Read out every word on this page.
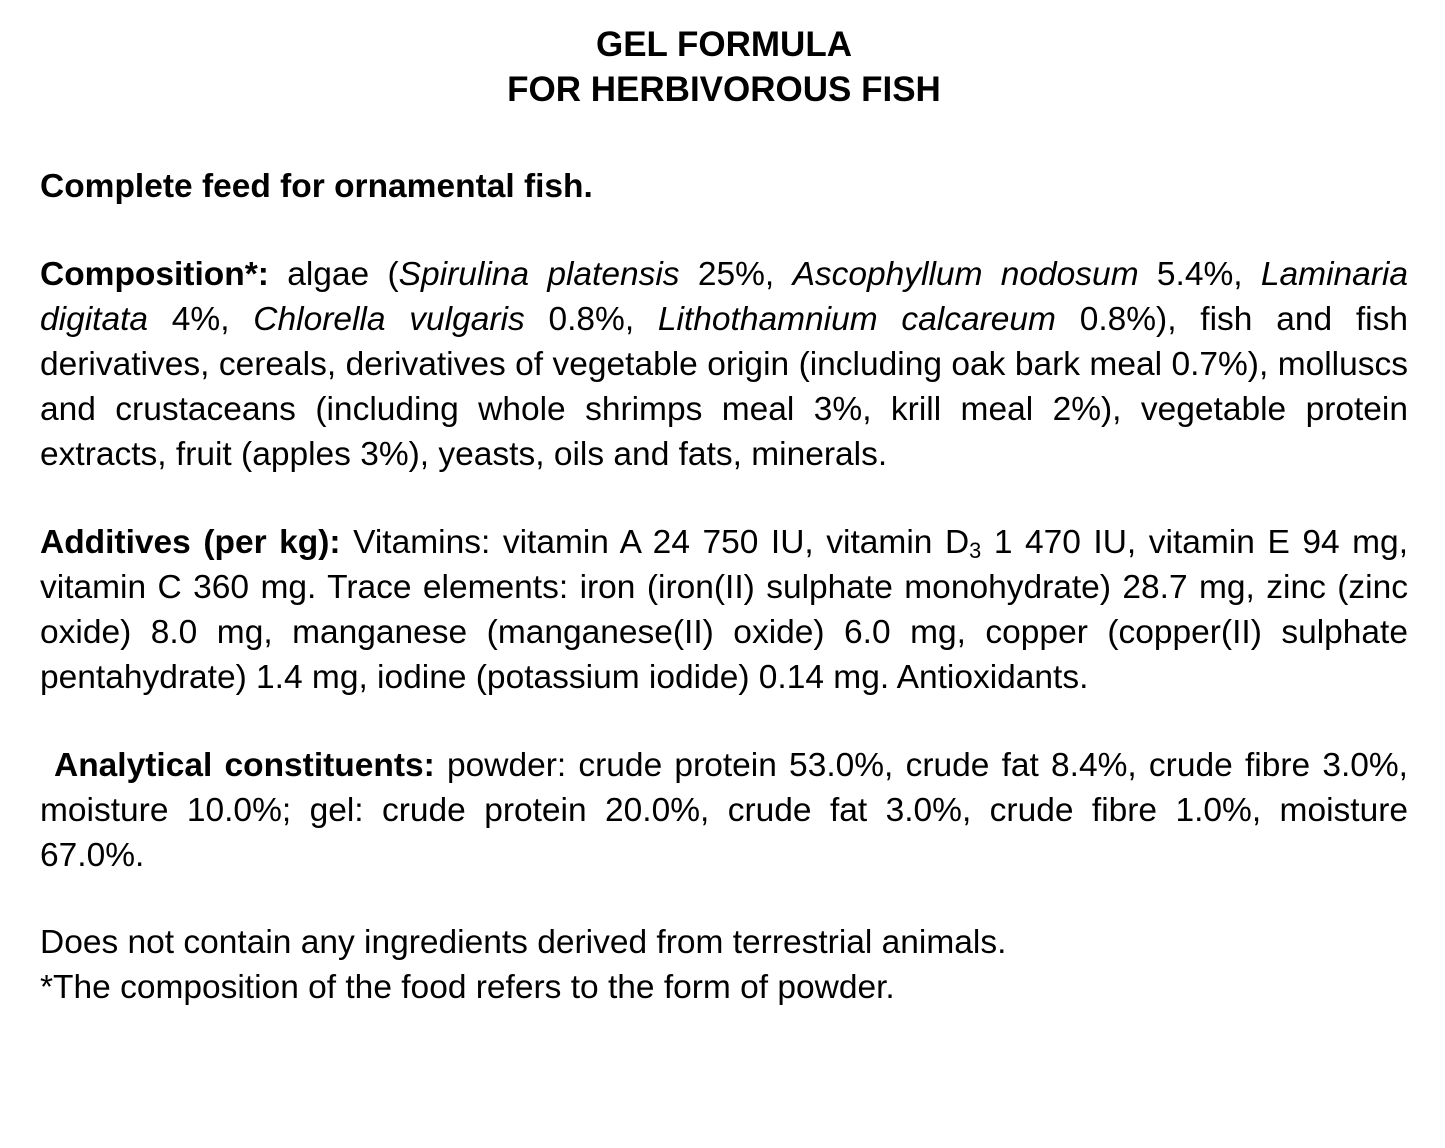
GEL FORMULA
FOR HERBIVOROUS FISH

Complete feed for ornamental fish.

Composition*: algae (Spirulina platensis 25%, Ascophyllum nodosum 5.4%, Laminaria digitata 4%, Chlorella vulgaris 0.8%, Lithothamnium calcareum 0.8%), fish and fish derivatives, cereals, derivatives of vegetable origin (including oak bark meal 0.7%), molluscs and crustaceans (including whole shrimps meal 3%, krill meal 2%), vegetable protein extracts, fruit (apples 3%), yeasts, oils and fats, minerals.

Additives (per kg): Vitamins: vitamin A 24 750 IU, vitamin $D_3$ 1 470 IU, vitamin E 94 mg, vitamin C 360 mg. Trace elements: iron (iron(II) sulphate monohydrate) 28.7 mg, zinc (zinc oxide) 8.0 mg, manganese (manganese(II) oxide) 6.0 mg, copper (copper(II) sulphate pentahydrate) 1.4 mg, iodine (potassium iodide) 0.14 mg. Antioxidants.

Analytical constituents: powder: crude protein 53.0%, crude fat 8.4%, crude fibre 3.0%, moisture 10.0%; gel: crude protein 20.0%, crude fat 3.0%, crude fibre 1.0%, moisture 67.0%.

Does not contain any ingredients derived from terrestrial animals.
*The composition of the food refers to the form of powder.
